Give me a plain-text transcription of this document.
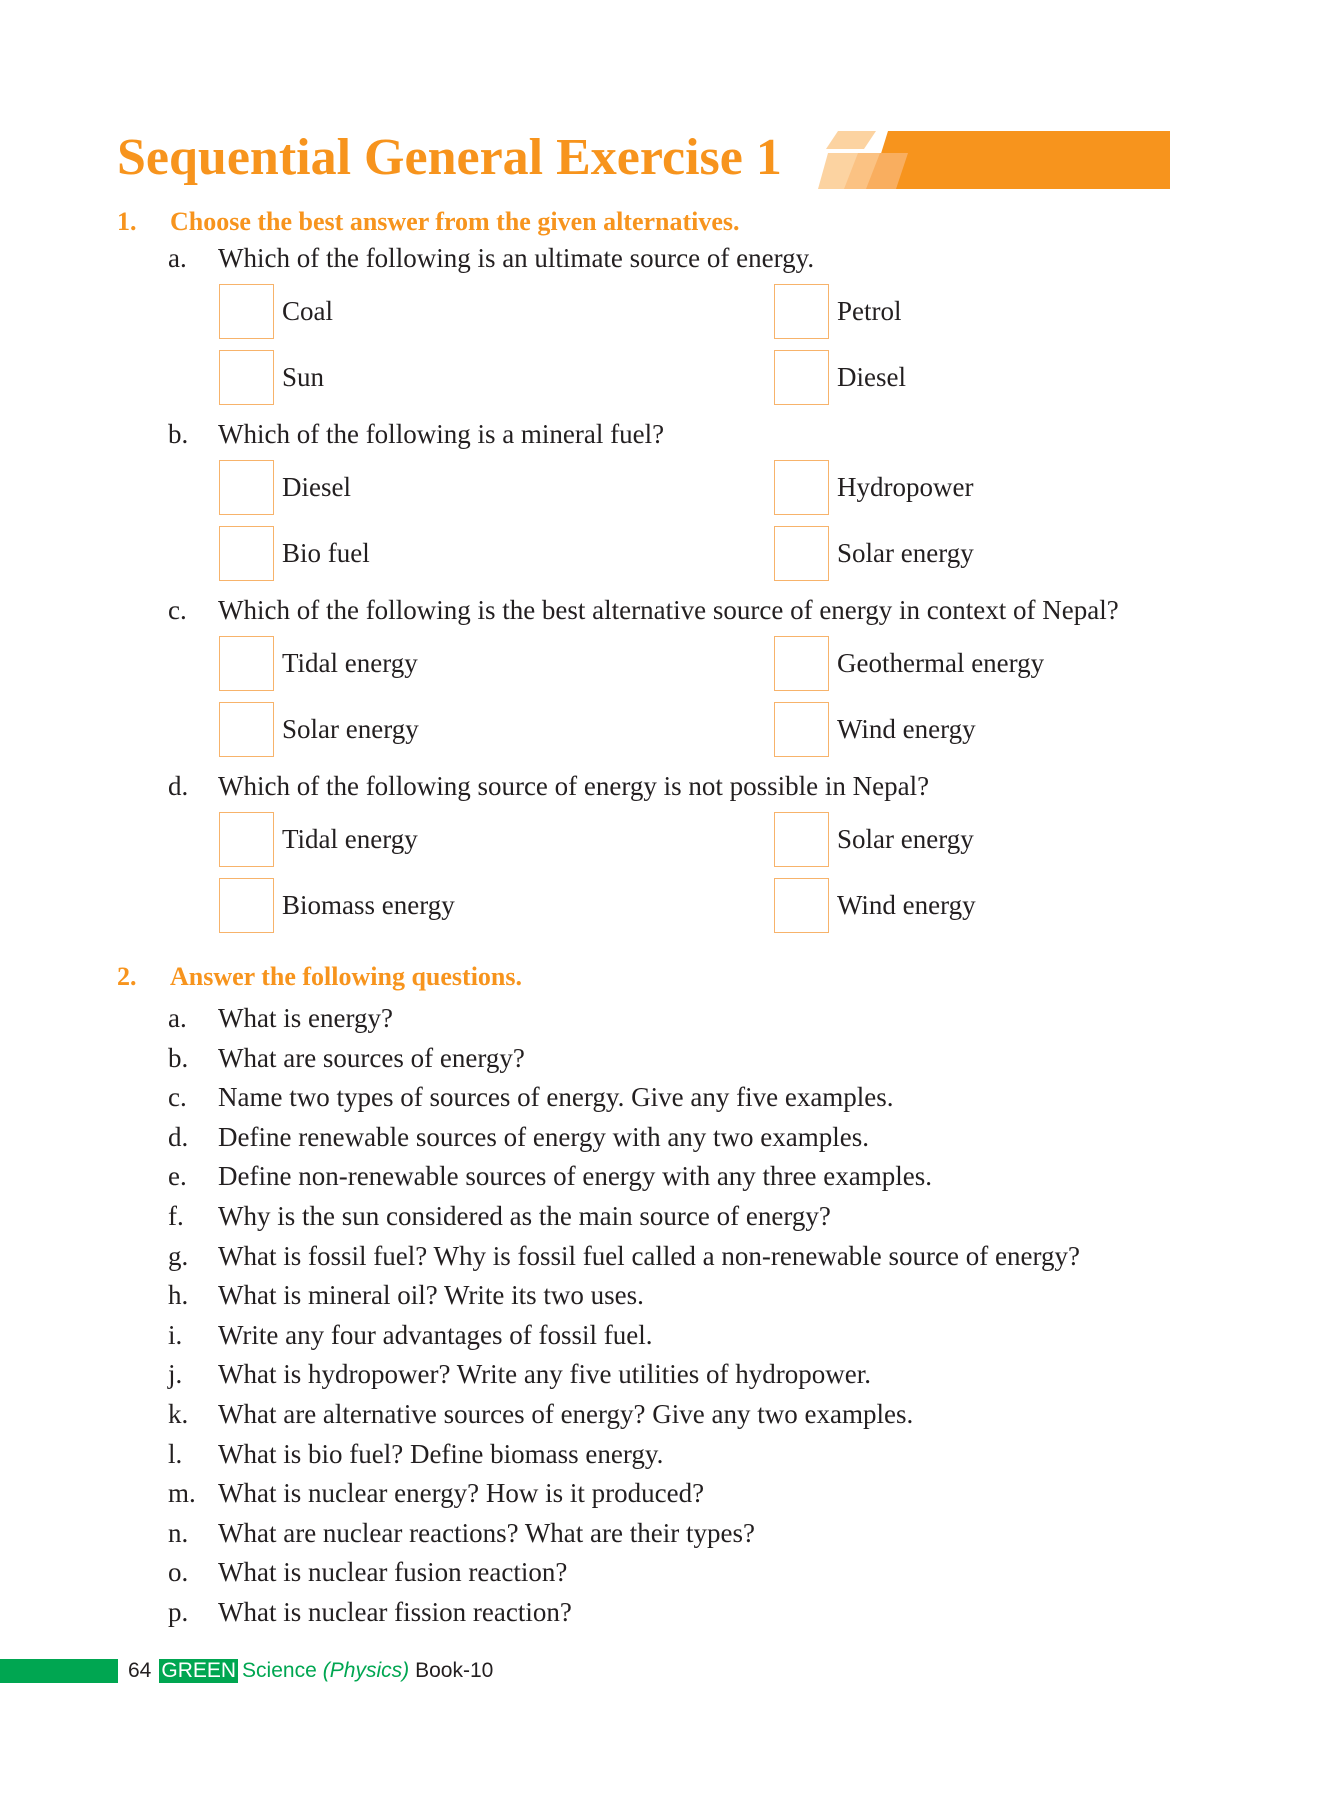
Sequential General Exercise 1
1. Choose the best answer from the given alternatives.
a. Which of the following is an ultimate source of energy.
Coal	Petrol
Sun	Diesel
b. Which of the following is a mineral fuel?
Diesel	Hydropower
Bio fuel	Solar energy
c. Which of the following is the best alternative source of energy in context of Nepal?
Tidal energy	Geothermal energy
Solar energy	Wind energy
d. Which of the following source of energy is not possible in Nepal?
Tidal energy	Solar energy
Biomass energy	Wind energy
2. Answer the following questions.
a. What is energy?
b. What are sources of energy?
c. Name two types of sources of energy. Give any five examples.
d. Define renewable sources of energy with any two examples.
e. Define non-renewable sources of energy with any three examples.
f. Why is the sun considered as the main source of energy?
g. What is fossil fuel? Why is fossil fuel called a non-renewable source of energy?
h. What is mineral oil? Write its two uses.
i. Write any four advantages of fossil fuel.
j. What is hydropower? Write any five utilities of hydropower.
k. What are alternative sources of energy? Give any two examples.
l. What is bio fuel? Define biomass energy.
m. What is nuclear energy? How is it produced?
n. What are nuclear reactions? What are their types?
o. What is nuclear fusion reaction?
p. What is nuclear fission reaction?
64 GREEN Science (Physics) Book-10
